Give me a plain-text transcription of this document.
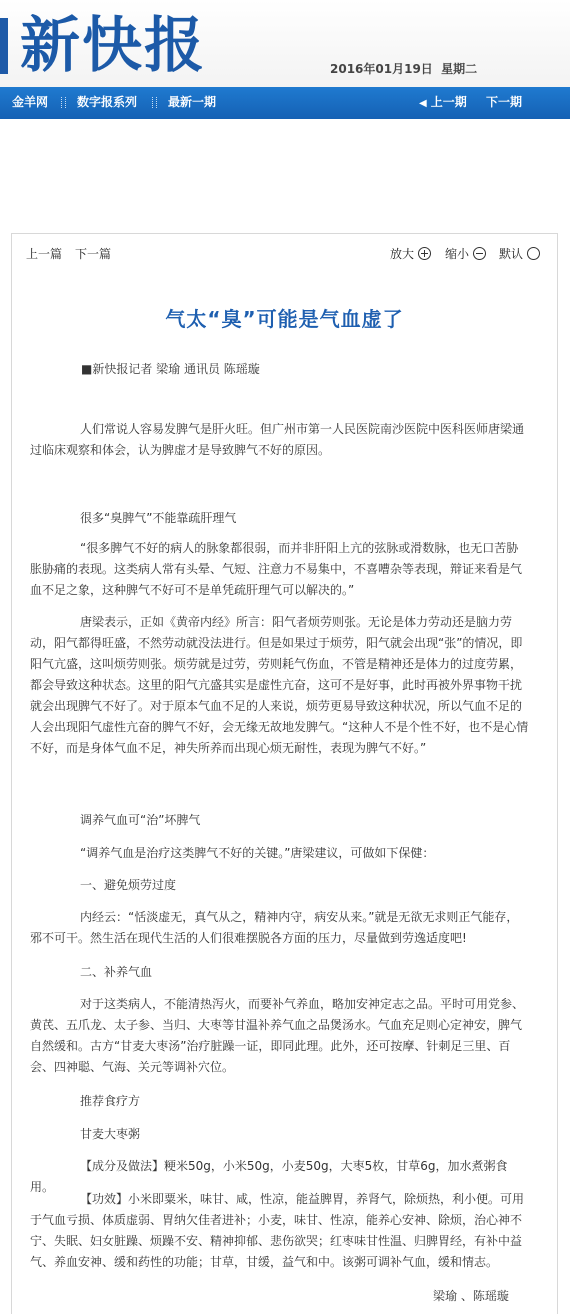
新快报	2016年01月19日 星期二
金羊网 数字报系列	最新一期	◀ 上一期 下一期
上一篇 下一篇	放大	缩小	默认
气太“臭”可能是气血虚了
■新快报记者 梁瑜 通讯员 陈瑶璇

人们常说人容易发脾气是肝火旺。但广州市第一人民医院南沙医院中医科医师唐梁通过临床观察和体会，认为脾虚才是导致脾气不好的原因。

很多“臭脾气”不能靠疏肝理气

“很多脾气不好的病人的脉象都很弱，而并非肝阳上亢的弦脉或滑数脉，也无口苦胁胀胁痛的表现。这类病人常有头晕、气短、注意力不易集中，不喜嘈杂等表现，辩证来看是气血不足之象，这种脾气不好可不是单凭疏肝理气可以解决的。”

唐梁表示，正如《黄帝内经》所言：阳气者烦劳则张。无论是体力劳动还是脑力劳动，阳气都得旺盛，不然劳动就没法进行。但是如果过于烦劳，阳气就会出现“张”的情况，即阳气亢盛，这叫烦劳则张。烦劳就是过劳，劳则耗气伤血，不管是精神还是体力的过度劳累，都会导致这种状态。这里的阳气亢盛其实是虚性亢奋，这可不是好事，此时再被外界事物干扰就会出现脾气不好了。对于原本气血不足的人来说，烦劳更易导致这种状况，所以气血不足的人会出现阳气虚性亢奋的脾气不好，会无缘无故地发脾气。“这种人不是个性不好，也不是心情不好，而是身体气血不足，神失所养而出现心烦无耐性，表现为脾气不好。”

调养气血可“治”坏脾气

“调养气血是治疗这类脾气不好的关键。”唐梁建议，可做如下保健：

一、避免烦劳过度

内经云：“恬淡虚无，真气从之，精神内守，病安从来。”就是无欲无求则正气能存，邪不可干。然生活在现代生活的人们很难摆脱各方面的压力，尽量做到劳逸适度吧!

二、补养气血

对于这类病人，不能清热泻火，而要补气养血，略加安神定志之品。平时可用党参、黄芪、五爪龙、太子参、当归、大枣等甘温补养气血之品煲汤水。气血充足则心定神安，脾气自然缓和。古方“甘麦大枣汤”治疗脏躁一证，即同此理。此外，还可按摩、针刺足三里、百会、四神聪、气海、关元等调补穴位。

推荐食疗方

甘麦大枣粥

【成分及做法】粳米50g，小米50g，小麦50g，大枣5枚，甘草6g，加水煮粥食用。

【功效】小米即粟米，味甘、咸，性凉，能益脾胃，养肾气，除烦热，利小便。可用于气血亏损、体质虚弱、胃纳欠佳者进补；小麦，味甘、性凉，能养心安神、除烦，治心神不宁、失眠、妇女脏躁、烦躁不安、精神抑郁、悲伤欲哭；红枣味甘性温、归脾胃经，有补中益气、养血安神、缓和药性的功能；甘草，甘缓，益气和中。该粥可调补气血，缓和情志。

梁瑜 、陈瑶璇
